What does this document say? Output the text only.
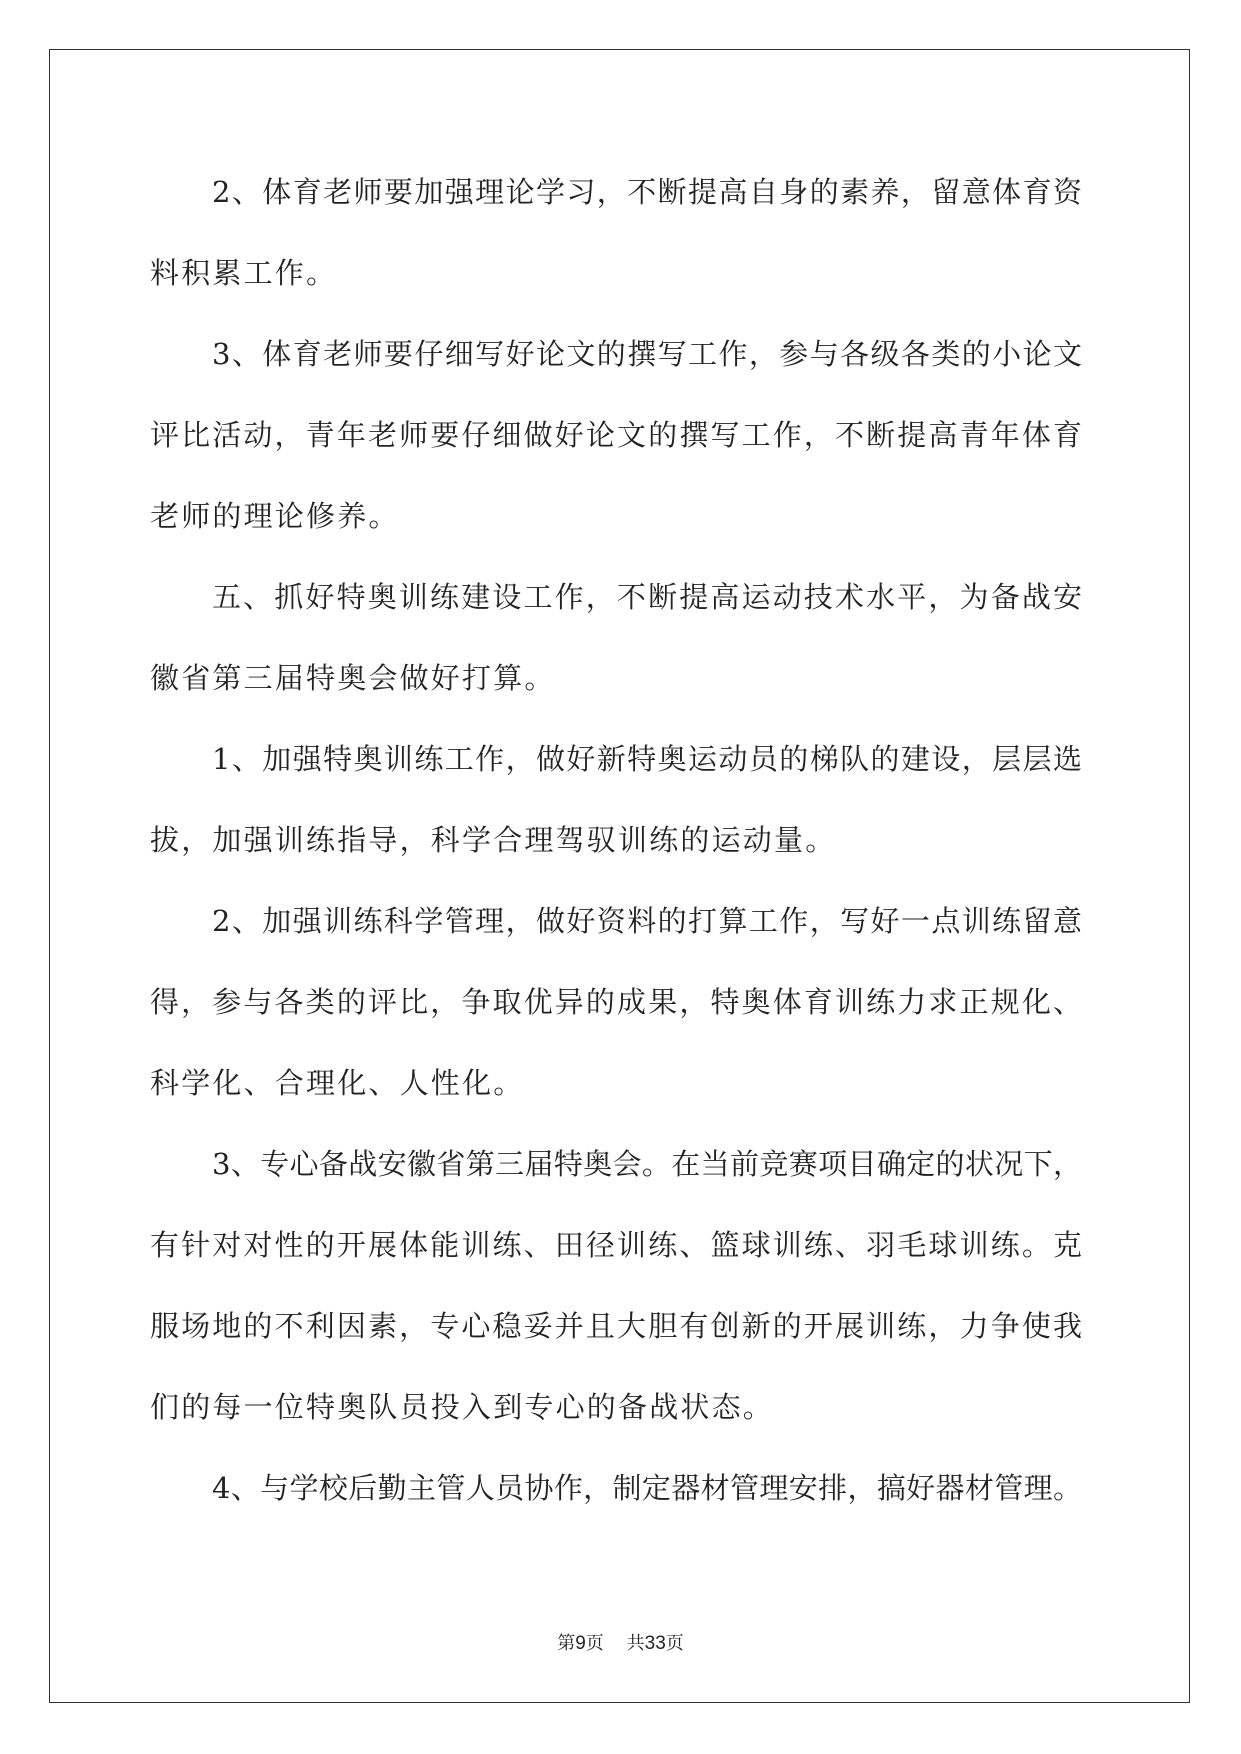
2、体育老师要加强理论学习，不断提高自身的素养，留意体育资
料积累工作。
3、体育老师要仔细写好论文的撰写工作，参与各级各类的小论文
评比活动，青年老师要仔细做好论文的撰写工作，不断提高青年体育
老师的理论修养。
五、抓好特奥训练建设工作，不断提高运动技术水平，为备战安
徽省第三届特奥会做好打算。
1、加强特奥训练工作，做好新特奥运动员的梯队的建设，层层选
拔，加强训练指导，科学合理驾驭训练的运动量。
2、加强训练科学管理，做好资料的打算工作，写好一点训练留意
得，参与各类的评比，争取优异的成果，特奥体育训练力求正规化、
科学化、合理化、人性化。
3、专心备战安徽省第三届特奥会。在当前竞赛项目确定的状况下，
有针对对性的开展体能训练、田径训练、篮球训练、羽毛球训练。克
服场地的不利因素，专心稳妥并且大胆有创新的开展训练，力争使我
们的每一位特奥队员投入到专心的备战状态。
4、与学校后勤主管人员协作，制定器材管理安排，搞好器材管理。
第9页 共33页
